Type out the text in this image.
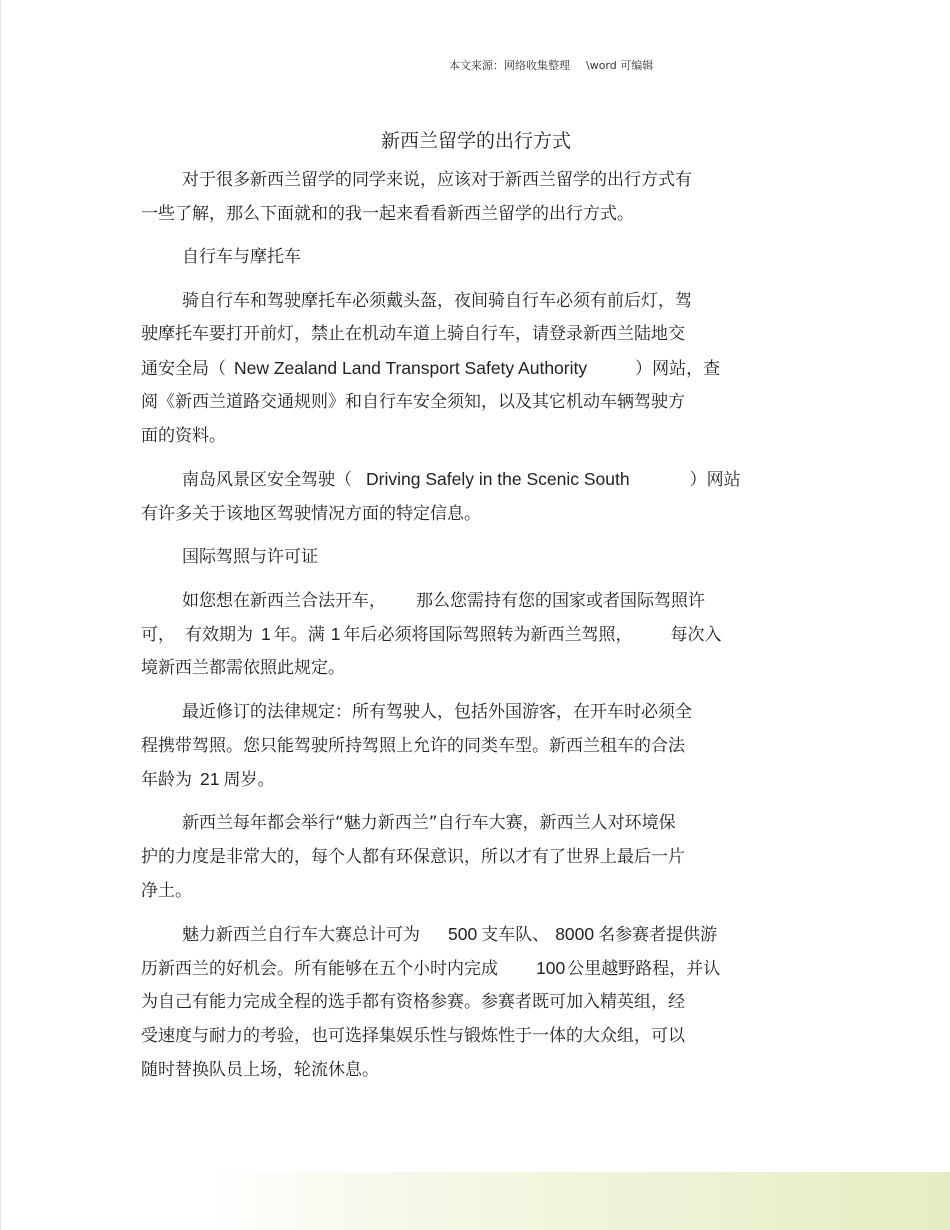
本文来源：网络收集整理 \word 可编辑
新西兰留学的出行方式
对于很多新西兰留学的同学来说，应该对于新西兰留学的出行方式有
一些了解，那么下面就和的我一起来看看新西兰留学的出行方式。
自行车与摩托车
骑自行车和驾驶摩托车必须戴头盔，夜间骑自行车必须有前后灯，驾
驶摩托车要打开前灯，禁止在机动车道上骑自行车，请登录新西兰陆地交
通安全局（ New Zealand Land Transport Safety Authority	）网站，查
阅《新西兰道路交通规则》和自行车安全须知，以及其它机动车辆驾驶方
面的资料。
南岛风景区安全驾驶（ Driving Safely in the Scenic South	）网站
有许多关于该地区驾驶情况方面的特定信息。
国际驾照与许可证
如您想在新西兰合法开车， 那么您需持有您的国家或者国际驾照许
可， 有效期为 1 年。满 1 年后必须将国际驾照转为新西兰驾照， 每次入
境新西兰都需依照此规定。
最近修订的法律规定：所有驾驶人，包括外国游客，在开车时必须全
程携带驾照。您只能驾驶所持驾照上允许的同类车型。新西兰租车的合法
年龄为 21 周岁。
新西兰每年都会举行“魅力新西兰”自行车大赛，新西兰人对环境保
护的力度是非常大的，每个人都有环保意识，所以才有了世界上最后一片
净土。
魅力新西兰自行车大赛总计可为 500 支车队、 8000 名参赛者提供游
历新西兰的好机会。所有能够在五个小时内完成 100 公里越野路程，并认
为自己有能力完成全程的选手都有资格参赛。参赛者既可加入精英组，经
受速度与耐力的考验，也可选择集娱乐性与锻炼性于一体的大众组，可以
随时替换队员上场，轮流休息。
